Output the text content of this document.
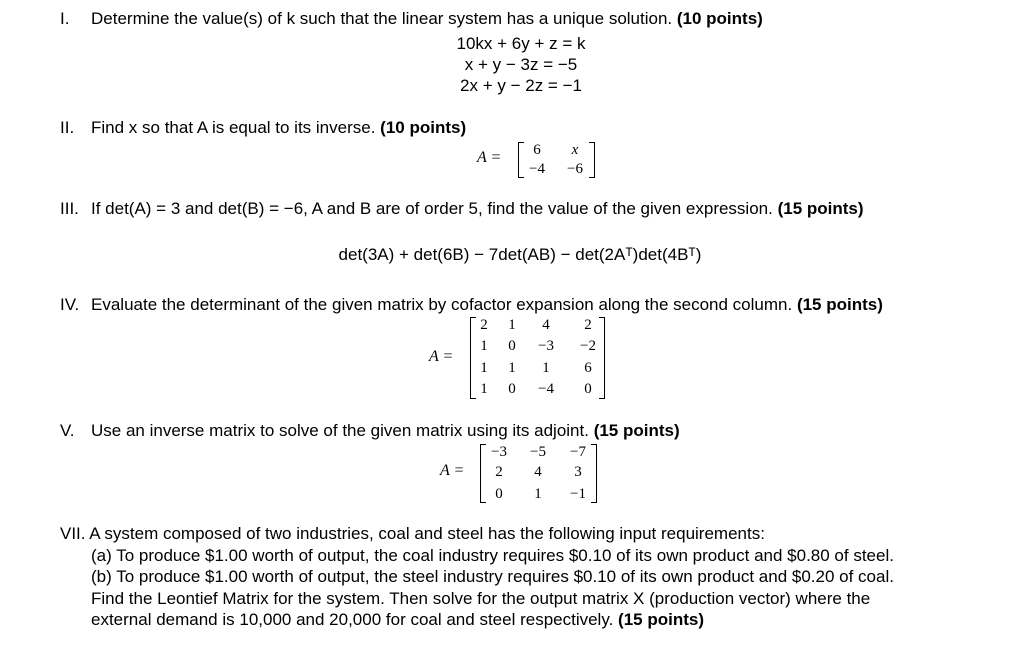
I. Determine the value(s) of k such that the linear system has a unique solution. (10 points)
10kx + 6y + z = k
x + y − 3z = −5
2x + y − 2z = −1
II. Find x so that A is equal to its inverse. (10 points)
A = 6 x
−4 −6
III. If det(A) = 3 and det(B) = −6, A and B are of order 5, find the value of the given expression. (15 points)
det(3A) + det(6B) − 7det(AB) − det(2Aᵀ)det(4Bᵀ)
IV. Evaluate the determinant of the given matrix by cofactor expansion along the second column. (15 points)
A =
2 1 4 2
1 0 −3 −2
1 1 1 6
1 0 −4 0
V. Use an inverse matrix to solve of the given matrix using its adjoint. (15 points)
A =
−3 −5 −7
2 4 3
0 1 −1
VII. A system composed of two industries, coal and steel has the following input requirements:
(a) To produce $1.00 worth of output, the coal industry requires $0.10 of its own product and $0.80 of steel.
(b) To produce $1.00 worth of output, the steel industry requires $0.10 of its own product and $0.20 of coal.
Find the Leontief Matrix for the system. Then solve for the output matrix X (production vector) where the
external demand is 10,000 and 20,000 for coal and steel respectively. (15 points)
